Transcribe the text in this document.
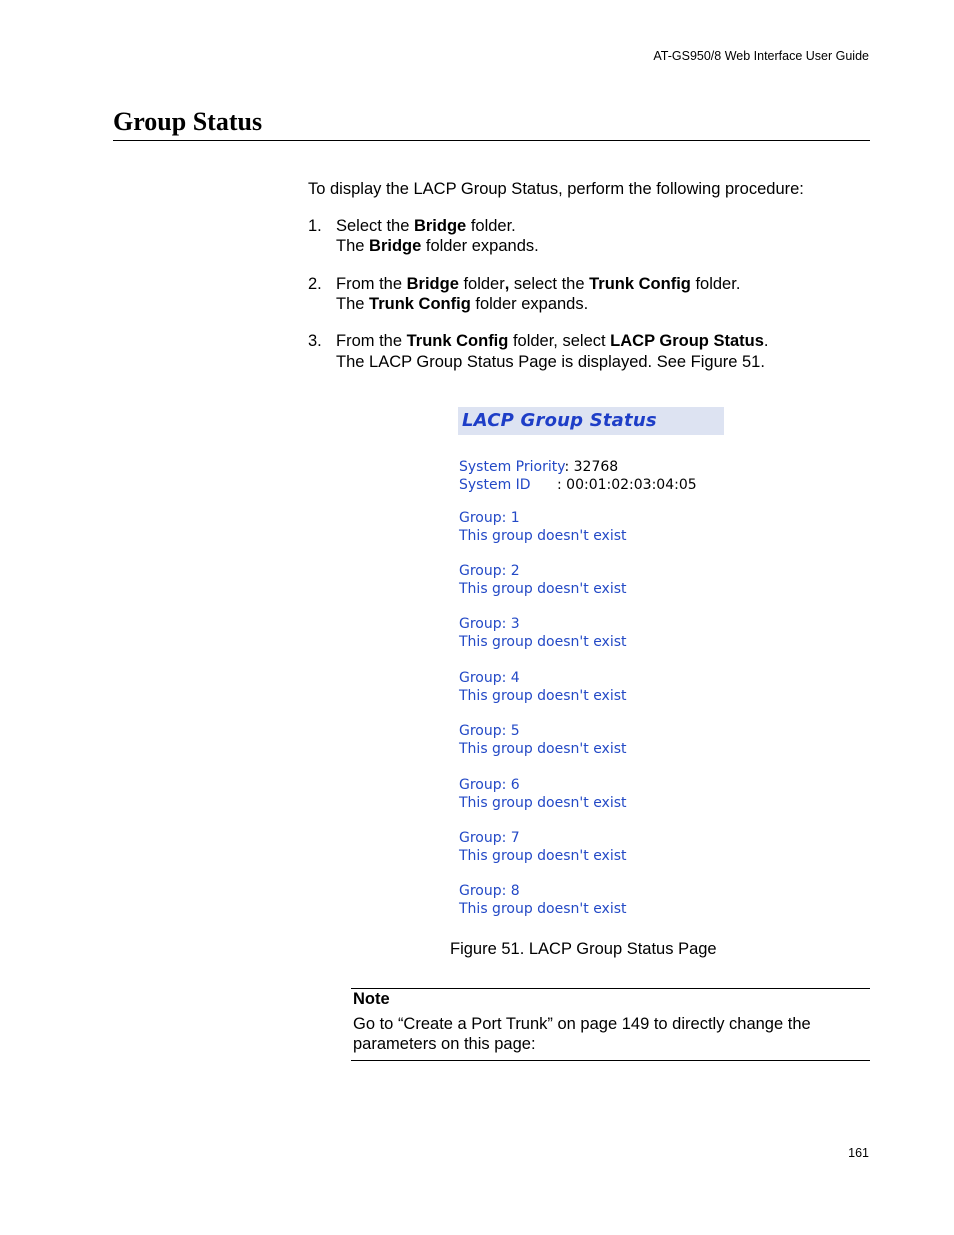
AT-GS950/8 Web Interface User Guide
Group Status
To display the LACP Group Status, perform the following procedure:
1. Select the Bridge folder.
The Bridge folder expands.
2. From the Bridge folder, select the Trunk Config folder.
The Trunk Config folder expands.
3. From the Trunk Config folder, select LACP Group Status.
The LACP Group Status Page is displayed. See Figure 51.
LACP Group Status
System Priority: 32768
System ID : 00:01:02:03:04:05
Group: 1
This group doesn't exist
Group: 2
This group doesn't exist
Group: 3
This group doesn't exist
Group: 4
This group doesn't exist
Group: 5
This group doesn't exist
Group: 6
This group doesn't exist
Group: 7
This group doesn't exist
Group: 8
This group doesn't exist
Figure 51. LACP Group Status Page
Note
Go to “Create a Port Trunk” on page 149 to directly change the parameters on this page:
161
